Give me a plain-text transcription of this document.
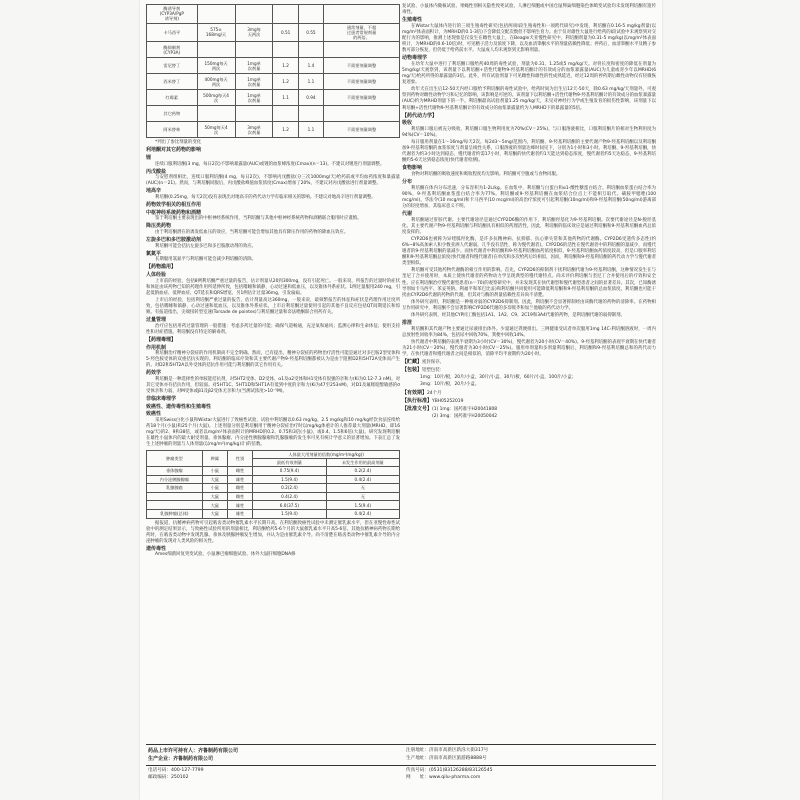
酶诱导剂
(CYP3A/PgP
诱导剂)					
卡马西平	575±
168mg/天	3mg每
天两次	0.51	0.55	通常剂量，不超
过患者常规剂量
的两倍。
酶抑制剂
(CYP3A)					
雷尼替丁	150mg每天
两次	1mg单
次剂量	1.2	1.4	不需要剂量调整
西米替丁	400mg每天
两次	1mg单
次剂量	1.2	1.1	不需要剂量调整
红霉素	500mg每天4
次	1mg单
次剂量	1.1	0.94	不需要剂量调整
其它药物					
阿米替林	50mg每天4
次	3mg单
次剂量	1.2	1.1	不需要剂量调整

*列出了参比剂量的变化

利培酮对其它药物的影响
锂

连续口服利培酮(3 mg，每日2次)不影响暴露量(AUC)或锂的血浆峰浓度(Cmax)(n＝13)。不建议对锂进行剂量调整。

丙戊酸盐

与安慰剂组相比，连续口服利培酮(4 mg，每日2次)，不影响丙戊酸盐(分三次1000mg/天)给药前或平均血药浓度和暴露量(AUC)(n＝21)。然而，与利培酮同服后，丙戊酸盐峰值血浆浓度(Cmax)增加了20%，不建议对丙戊酸盐进行剂量调整。

地高辛

利培酮(0.25mg，每天2次)没有表现出对地高辛的药代动力学有临床相关的影响。不建议对地高辛进行剂量调整。

药物效学相关的相互作用
中枢神经系统药物和酒精

鉴于利培酮主要表现出的中枢神经系统作用，当利培酮与其他中枢神经系统药物和酒精联合服用时应谨慎。

降压类药物

由于利培酮潜在的诱发低血压的效应，当利培酮可能会增加其他具有降压作用的药物的降血压效应。

左旋多巴和多巴胺激动剂

利培酮可能会拮抗左旋多巴和多巴胺激动剂的效应。

氯氮平

长期服用氯氮平与利培酮可能会减少利培酮的清除。

【药物滥用】
人体经验

上市前的经验，包括8例利培酮严重过量的报告，估计剂量从20到300mg，没有引起死亡。一般来说，所报告的过量时的症状和体征由该药物已知的药理作用所延伸所致，包括嗜睡和镇静，心动过速和低血压，以及锥体外系症状。1例过量服用240 mg，引起低钠血症、低钾血症、QT延长和QRS增宽。另1例估计过量36mg，引发痫痫。

上市后的经验，包括利培酮严重过量的报告，估计剂量高达360mg，一般来说，最频繁报告的体征和症状是药理作用过度所致，包括嗜睡和镇静，心动过速和低血压，以及锥体外系症状。上市后利培酮过量使用引起的其他不良反应包括QT间期延长和惊厥。有报道指出，尖端扭转型室速(Torsade de pointes)与利培酮过量和奈法唑酮联合用药有关。

过量管理

治疗应包括用药过量管理的一般措施：考虑多药过量的可能；确保气道畅通，充足氧和通风；监测心律和生命体征；使用支持性和对症措施。利培酮没有特定的解毒剂。

【药理毒理】
作用机制

利培酮治疗精神分裂症的作用机制尚不完全明确。然而，已有提出，精神分裂症的药物治疗活性可能是通过对多巴胺2型受体和5-羟色胺受体的双重拮抗实现的。利培酮的临床疗效和其主要代谢产物9-羟基利培酮都被认为是由于阻断D2和5HT2A受体而产生的。对D2和5HT2A以外受体的拮抗作用可能与利培酮的其它作用有关。

药效学

利培酮是一种选择性的单胺能拮抗剂，对5HT2受体、D2受体、α1及α2受体和H1受体有很强的亲和力(Ki为0.12-7.3 nM)。对其它受体亦有拮抗作用，但较弱。对5HT1C、5HT1D和5HT1A有低到中度的亲和力(Ki为47至253nM)，对D1及氟哌啶醇敏感的σ受体亲和力弱，对M受体或β1及β2受体无亲和力(当测试浓度>10⁻⁵M)。

非临床毒理学
致癌性、遗传毒性和生殖毒性
致癌性

采用Swiss白化小鼠和Wistar大鼠进行了致癌性试验，试验中利培酮以0.63 mg/kg、2.5 mg/kg和10 mg/kg经饮食法连续给药18个月(小鼠)和25个月(大鼠)。上述剂量分别是利培酮用于精神分裂症治疗时以mg/kg体重计的人推荐最大剂量(MRHD，即16 mg/天)的2、9和38倍，或者以mg/m²体表面积计的MRHD的0.2、0.75和3倍(小鼠)，或0.4、1.5和6倍(大鼠)。研究发现利培酮在雄性小鼠体内的最大耐受剂量。垂体腺瘤、内分泌性胰腺腺瘤和乳腺腺瘤的发生率可见有统计学意义的显著增加。下表汇总了发生上述肿瘤的剂量与人体剂量(以mg/m²(mg/kg)计)的倍数。

肿瘤类型	种属	性别	人体最大用剂量的倍数(mg/m²(mg/kg))	
			最低有效剂量	未发生作用的最高剂量
垂体腺瘤	小鼠	雌性	0.75(9.4)	0.2(2.4)
内分泌胰腺腺瘤	大鼠	雄性	1.5(9.4)	0.4(2.4)
乳腺腺癌	小鼠	雌性	0.2(2.4)	无
	大鼠	雌性	0.4(2.4)	无
	大鼠	雄性	6.0(37.5)	1.5(9.4)
乳腺肿瘤(总体)	大鼠	雄性	1.5(9.4)	0.4(2.4)

据报道，抗精神病药物可引起啮齿类动物催乳素水平长期升高。在利培酮致癌性试验中未测定催乳素水平，但在亚慢性毒性试验中的测定结果显示，与致癌性试验所用的剂量相比，利培酮给药5-6个月的大鼠催乳素水平升高5-6倍。其他抗精神病药物长期给药时，在啮齿类动物中发现乳腺、垂体及胰腺肿瘤发生增加，并认为是由催乳素介导。尚不清楚在啮齿类动物中催乳素介导的内分泌肿瘤的发现对人类风险的相关性。

遗传毒性

Ames细菌回复突变试验、小鼠淋巴瘤细胞试验、体外大鼠肝细胞DNA修

复试验、小鼠体内微核试验、果蝇性别相关隐性致死试验、人淋巴细胞或中国仓鼠卵巢细胞染色体畸变试验均未发现利培酮有遗传毒性。

生殖毒性

在Wistar大鼠体内进行的三项生殖毒性研究(包括两项Ⅰ段生殖毒性和一项跨代研究)中发现，利培酮在0.16-5 mg/kg剂量(以mg/m²体表面积计，为MRHD的0.1-3倍)下会降低交配次数但不影响生育力。由于仅对雄性大鼠进行给药的Ⅰ段试验中未观察到对交配行为的影响，推测上述现象是仅发生在雌性大鼠上，在Beagle犬亚慢性研究中，利培酮剂量为0.31-5 mg/kg(以mg/m²体表面积计，为MRHD的0.6-10倍)时，可见精子活力及浓度下降，以及血清睾酮水平的剂量依赖性降低；停药后，血清睾酮水平及精子参数可部分恢复，但仍低于给药前水平。大鼠成人均未观察到无影响剂量。

动物毒理学

在幼年大鼠中进行了利培酮口服给药40周的毒性试验，剂量为0.31、1.25或5 mg/kg/天。对骨长度和密度的降低在剂量为5mg/kg/天观察到，该剂量下以利培酮+活性代谢物9-羟基利培酮计的有效成分的血浆暴露量(AUC)为儿童或青少年以MRHD(6 mg/天)给药所得的暴露量的3倍。此外，所有试验剂量下可见雌性和雄性的性成熟延迟，经过12周的停药期后雌性动物仅有轻微恢复迹象。

幼年犬在出生后12-50天内经口服给予利培酮的毒性试验中，给药时间为出生后12天-50天，除0.63 mg/kg/天剂量外，可观察到药物对雌性动物学习和记忆的影响，该影响是可逆的。该剂量下以利培酮+活性代谢物9-羟基利培酮计的有效成分的血浆暴露量(AUC)约为MRHD剂量下的一半。利培酮最高试验剂量1.25 mg/kg/天，未见对神经行为学或生殖发育的损伤性影响，该剂量下以利培酮+活性代谢物9-羟基利培酮计的有效成分的血浆暴露量约为人MRHD下的暴露量的5倍。

【药代动力学】
吸收

利培酮口服后被充分吸收，利培酮口服生物利用度为70%(CV＝25%)。与口服溶液相比，口服利培酮片的相对生物利用度为94%(CV＝10%)。

每日服用剂量在1～16mg/每天2次。每2d3～5mg/范围内，利培酮、9-羟基利培酮的主要代谢产物9-羟基利培酮以及利培酮加9-羟基利培酮的血浆浓度与剂量呈线性关系，口服溶液的剂量达峰时间见下，分别为1小时和3小时。利培酮、9-羟基利培酮，快代谢者为约3小时达到稳态，慢代谢者约需17小时，利培酮的快代谢者约1天能达到稳态浓度，慢代谢者约5天达稳态，9-羟基利培酮约5-6天达到稳态浓度(快代谢者检测)。

食物影响

食物对利培酮的吸收速度和吸收程度均无影响。利培酮可空腹或与食物同服。

分布

利培酮在体内分布迅速，分布容积为1-2L/kg。在血浆中，利培酮与白蛋白和α1-酸性糖蛋白结合。利培酮血浆蛋白结合率为90%，9-羟基利培酮血浆蛋白结合率为77%。利培酮或9-羟基利培酮在血浆结合位点上不能相互取代。磺胺甲噁唑(100 mcg/ml)、华法令(10 mcg/ml)和卡马西平(10 mcg/ml)的高治疗浓度可引起利培酮(10ng/ml)和9-羟基利培酮(50ng/ml)游离部分的轻度增加，其临床意义不明。

代谢

利培酮通过肝脏代谢。主要代谢途径是通过CYP2D6酶的作用下，利培酮羟基化为9-羟基利培酮。次要代谢途径是N-脱烃基化。其主要代谢产物9-羟基利培酮与利培酮具有相似的药理活性。因此，利培酮的临床效应是通过利培酮和9-羟基利培酮血药总浓度发挥的。

CYP2D6也被称为异喹胍羟化酶，是许多抗精神病、抗抑郁、抗心律失常和其他药物的代谢酶。CYP2D6受遗传多态性(约6%~8%高加索人和少数亚洲人代谢弱，几乎没有活性，称为慢代谢者)。CYP2D6的活性在慢代谢者中的利培酮的量减少，而慢代谢者的9-羟基利培酮的量减少。而快代谢者中利培酮和9-羟基利培酮血药浓度相似，9-羟基利培酮血药浓度较高，但是口服率利培酮和9-羟基利培酮总浓度(快代谢者和慢代谢者)在单次和多次给药后均相似，因而，利培酮和9-羟基利培酮的药代动力学与慢代谢者类型相似。

利培酮可受其他药物代谢酶的相互作用的影响。首先，CYP2D6的抑制剂干扰利培酮代谢为9-羟基利培酮，这种情况发生在与奎尼丁合并使用时，本质上使快代谢者的药物动力学呈现典型的慢代谢特点。尚未评价利培酮与奎尼丁合并使用后的疗效和安全性。应在利培酮治疗慢代谢型患者(n＝70)的观察研究中，并未发现其在快代谢型和慢代谢型患者之间的显著差异。其次，已知酶诱导剂如卡马西平、苯妥英钠、利福平和苯巴比妥)和利培酮共同使用可能降低利培酮和9-羟基利培酮的总血浆浓度。利培酮也可能干扰由CYP2D6代谢的药物的代谢，但其对与酶的剂量依赖性差异尚不清楚。

体外研究表明，利培酮是一种相对弱的CYP2D6抑制剂。因此，利培酮不会显著抑制经由该酶代谢的药物的清除率。在药物相互作用研究中，利培酮不会显著影响CYP2D6代谢的多奈哌齐和加兰他敏的药代动力学。

体外研究表明，经其他CYP同工酶包括1A1、1A2、C9、2C19和3A4代谢的药物，是利培酮代谢的弱抑制剂。

排泄

利培酮和其代谢产物主要通过尿液排出体外。少量通过粪便排出。三例健康受试者单次服用1mg 14C-利培酮溶液时，一周内总放射性回收率为84%，包括尿中回收70%，粪便中回收14%。

快代谢者中利培酮的表观半衰期为3小时(CV＝30%)，慢代谢者为20小时(CV＝40%)。9-羟基利培酮的表观半衰期在快代谢者为21小时(CV＝20%)，慢代谢者为30小时(CV＝25%)。服用单剂量和多剂量利培酮后，利培酮和9-羟基利培酮总和的药代动力学，在快代谢者和慢代谢者之间是相似的，消除平均半衰期约为20小时。

【贮藏】密封保存。

【包装】铝塑包装：

1mg：10片/板，20片/小盒，30片/小盒，30片/板，60片/小盒，100片/小盒；

3mg：10片/板，20片/小盒。

【有效期】24个月

【执行标准】YBH05252019

【批准文号】(1) 1mg：国药准字H20041808

(2) 3mg：国药准字H20050042

药品上市许可持有人：齐鲁制药有限公司	注册地址：济南市高新区新泺大街317号
生产企业：齐鲁制药有限公司	生产地址：济南市高新区旅游路8888号
电话号码：400-127-7799	传真号码：(0531)83126288/83126545
邮政编码：250102	网　　址：www.qilu-pharma.com
